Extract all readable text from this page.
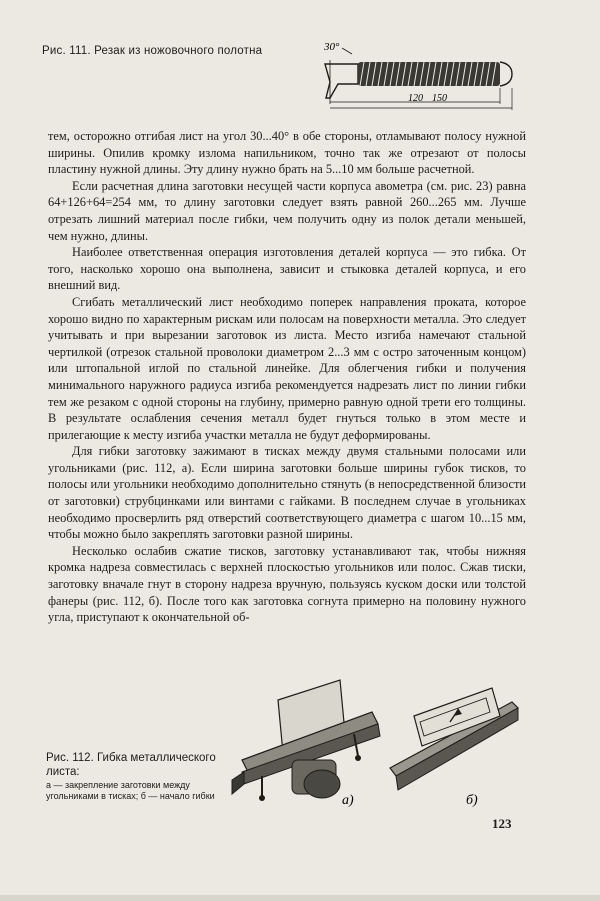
Рис. 111. Резак из ножовочного полотна	30°
120 150

тем, осторожно отгибая лист на угол 30...40° в обе стороны, отламывают полосу нужной ширины. Опилив кромку излома напильником, точно так же отрезают от полосы пластину нужной длины. Эту длину нужно брать на 5...10 мм больше расчетной.

Если расчетная длина заготовки несущей части корпуса авометра (см. рис. 23) равна 64+126+64=254 мм, то длину заготовки следует взять равной 260...265 мм. Лучше отрезать лишний материал после гибки, чем получить одну из полок детали меньшей, чем нужно, длины.

Наиболее ответственная операция изготовления деталей корпуса — это гибка. От того, насколько хорошо она выполнена, зависит и стыковка деталей корпуса, и его внешний вид.

Сгибать металлический лист необходимо поперек направления проката, которое хорошо видно по характерным рискам или полосам на поверхности металла. Это следует учитывать и при вырезании заготовок из листа. Место изгиба намечают стальной чертилкой (отрезок стальной проволоки диаметром 2...3 мм с остро заточенным концом) или штопальной иглой по стальной линейке. Для облегчения гибки и получения минимального наружного радиуса изгиба рекомендуется надрезать лист по линии гибки тем же резаком с одной стороны на глубину, примерно равную одной трети его толщины. В результате ослабления сечения металл будет гнуться только в этом месте и прилегающие к месту изгиба участки металла не будут деформированы.

Для гибки заготовку зажимают в тисках между двумя стальными полосами или угольниками (рис. 112, а). Если ширина заготовки больше ширины губок тисков, то полосы или угольники необходимо дополнительно стянуть (в непосредственной близости от заготовки) струбцинками или винтами с гайками. В последнем случае в угольниках необходимо просверлить ряд отверстий соответствующего диаметра с шагом 10...15 мм, чтобы можно было закреплять заготовки разной ширины.

Несколько ослабив сжатие тисков, заготовку устанавливают так, чтобы нижняя кромка надреза совместилась с верхней плоскостью угольников или полос. Сжав тиски, заготовку вначале гнут в сторону надреза вручную, пользуясь куском доски или толстой фанеры (рис. 112, б). После того как заготовка согнута примерно на половину нужного угла, приступают к окончательной об-

Рис. 112. Гибка металлического листа:
а — закрепление заготовки между угольниками в тисках; б — начало гибки	а)	б)
123
